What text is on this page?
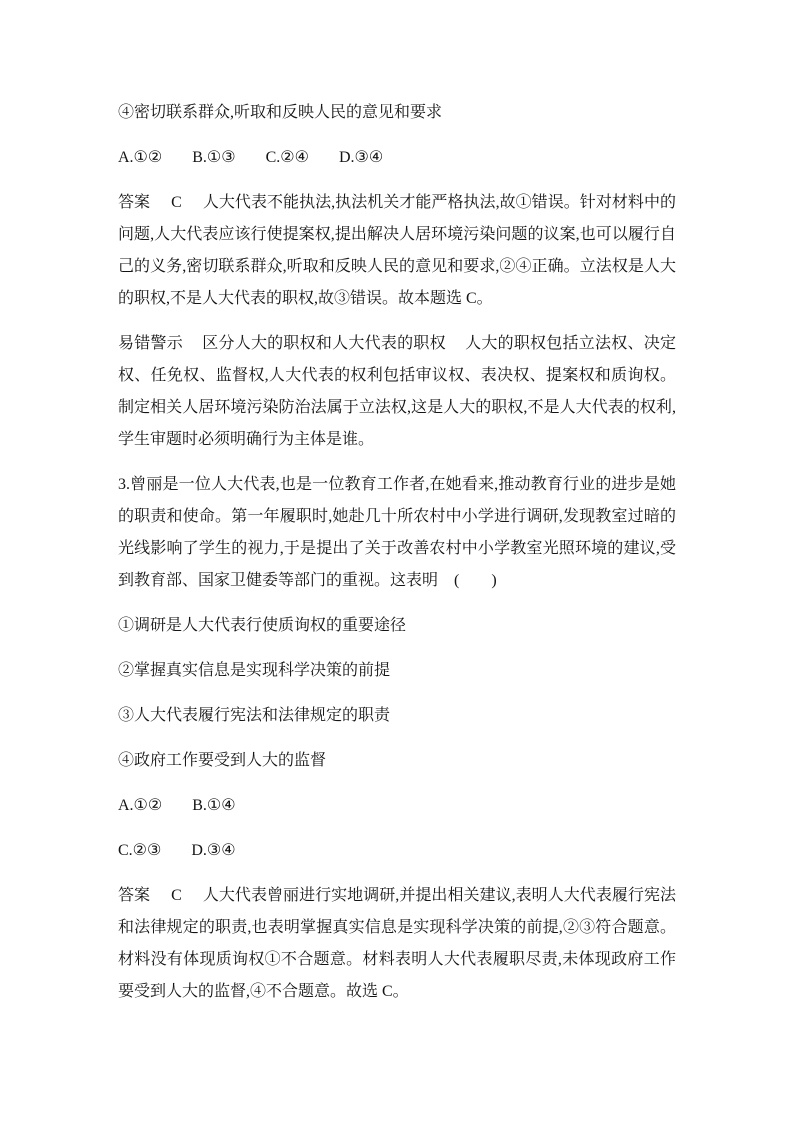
④密切联系群众,听取和反映人民的意见和要求

A.①② B.①③ C.②④ D.③④

答案 C 人大代表不能执法,执法机关才能严格执法,故①错误。针对材料中的问题,人大代表应该行使提案权,提出解决人居环境污染问题的议案,也可以履行自己的义务,密切联系群众,听取和反映人民的意见和要求,②④正确。立法权是人大的职权,不是人大代表的职权,故③错误。故本题选 C。

易错警示 区分人大的职权和人大代表的职权 人大的职权包括立法权、决定权、任免权、监督权,人大代表的权利包括审议权、表决权、提案权和质询权。制定相关人居环境污染防治法属于立法权,这是人大的职权,不是人大代表的权利,学生审题时必须明确行为主体是谁。

3.曾丽是一位人大代表,也是一位教育工作者,在她看来,推动教育行业的进步是她的职责和使命。第一年履职时,她赴几十所农村中小学进行调研,发现教室过暗的光线影响了学生的视力,于是提出了关于改善农村中小学教室光照环境的建议,受到教育部、国家卫健委等部门的重视。这表明　(　　)

①调研是人大代表行使质询权的重要途径

②掌握真实信息是实现科学决策的前提

③人大代表履行宪法和法律规定的职责

④政府工作要受到人大的监督

A.①② B.①④

C.②③ D.③④

答案 C 人大代表曾丽进行实地调研,并提出相关建议,表明人大代表履行宪法和法律规定的职责,也表明掌握真实信息是实现科学决策的前提,②③符合题意。材料没有体现质询权①不合题意。材料表明人大代表履职尽责,未体现政府工作要受到人大的监督,④不合题意。故选 C。
